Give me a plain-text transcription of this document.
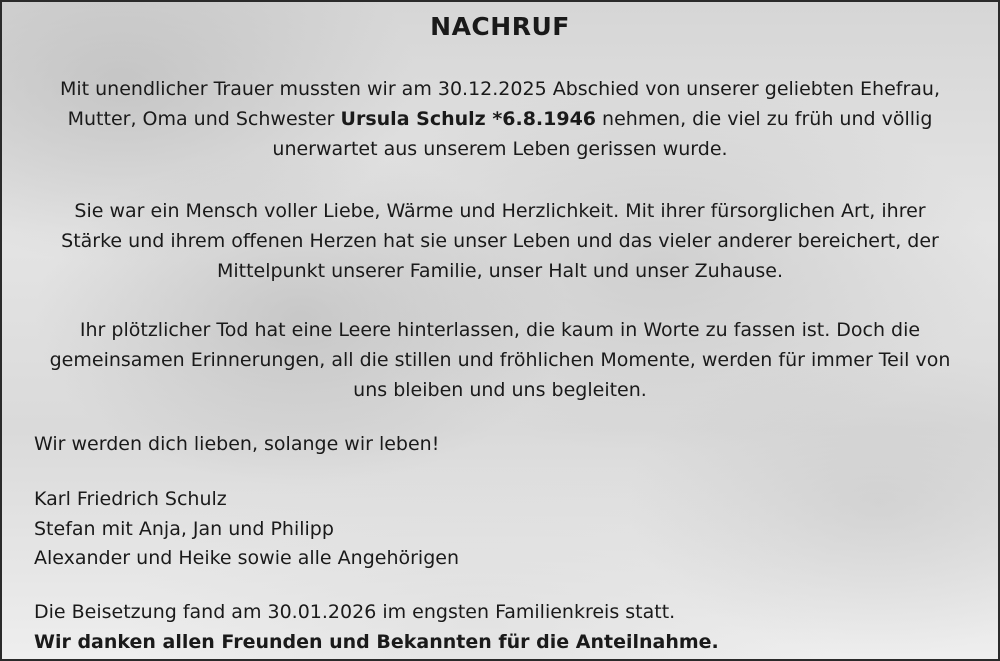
NACHRUF

Mit unendlicher Trauer mussten wir am 30.12.2025 Abschied von unserer geliebten Ehefrau,
Mutter, Oma und Schwester Ursula Schulz *6.8.1946 nehmen, die viel zu früh und völlig
unerwartet aus unserem Leben gerissen wurde.

Sie war ein Mensch voller Liebe, Wärme und Herzlichkeit. Mit ihrer fürsorglichen Art, ihrer
Stärke und ihrem offenen Herzen hat sie unser Leben und das vieler anderer bereichert, der
Mittelpunkt unserer Familie, unser Halt und unser Zuhause.

Ihr plötzlicher Tod hat eine Leere hinterlassen, die kaum in Worte zu fassen ist. Doch die
gemeinsamen Erinnerungen, all die stillen und fröhlichen Momente, werden für immer Teil von
uns bleiben und uns begleiten.

Wir werden dich lieben, solange wir leben!

Karl Friedrich Schulz
Stefan mit Anja, Jan und Philipp
Alexander und Heike sowie alle Angehörigen

Die Beisetzung fand am 30.01.2026 im engsten Familienkreis statt.
Wir danken allen Freunden und Bekannten für die Anteilnahme.
